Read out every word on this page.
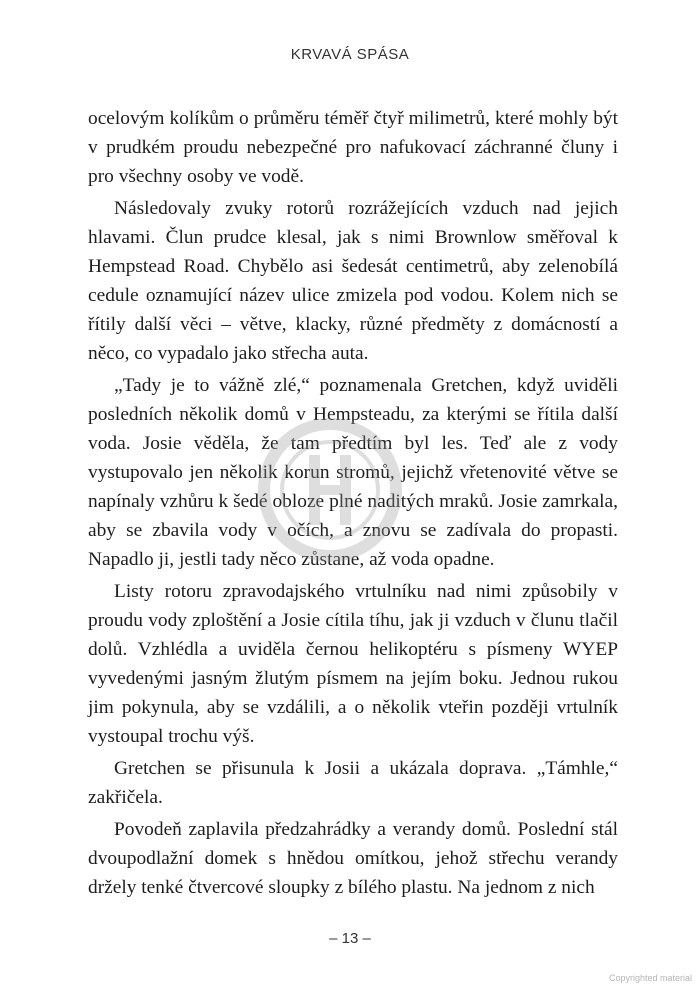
KRVAVÁ SPÁSA

ocelovým kolíkům o průměru téměř čtyř milimetrů, které mohly být v prudkém proudu nebezpečné pro nafukovací záchranné čluny i pro všechny osoby ve vodě.

Následovaly zvuky rotorů rozrážejících vzduch nad jejich hlavami. Člun prudce klesal, jak s nimi Brownlow směřoval k Hempstead Road. Chybělo asi šedesát centimetrů, aby zelenobílá cedule oznamující název ulice zmizela pod vodou. Kolem nich se řítily další věci – větve, klacky, různé předměty z domácností a něco, co vypadalo jako střecha auta.

„Tady je to vážně zlé,“ poznamenala Gretchen, když uviděli posledních několik domů v Hempsteadu, za kterými se řítila další voda. Josie věděla, že tam předtím byl les. Teď ale z vody vystupovalo jen několik korun stromů, jejichž vřetenovité větve se napínaly vzhůru k šedé obloze plné naditých mraků. Josie zamrkala, aby se zbavila vody v očích, a znovu se zadívala do propasti. Napadlo ji, jestli tady něco zůstane, až voda opadne.

Listy rotoru zpravodajského vrtulníku nad nimi způsobily v proudu vody zploštění a Josie cítila tíhu, jak ji vzduch v člunu tlačil dolů. Vzhlédla a uviděla černou helikoptéru s písmeny WYEP vyvedenými jasným žlutým písmem na jejím boku. Jednou rukou jim pokynula, aby se vzdálili, a o několik vteřin později vrtulník vystoupal trochu výš.

Gretchen se přisunula k Josii a ukázala doprava. „Támhle,“ zakřičela.

Povodeň zaplavila předzahrádky a verandy domů. Poslední stál dvoupodlažní domek s hnědou omítkou, jehož střechu verandy držely tenké čtvercové sloupky z bílého plastu. Na jednom z nich

– 13 –
Copyrighted material
